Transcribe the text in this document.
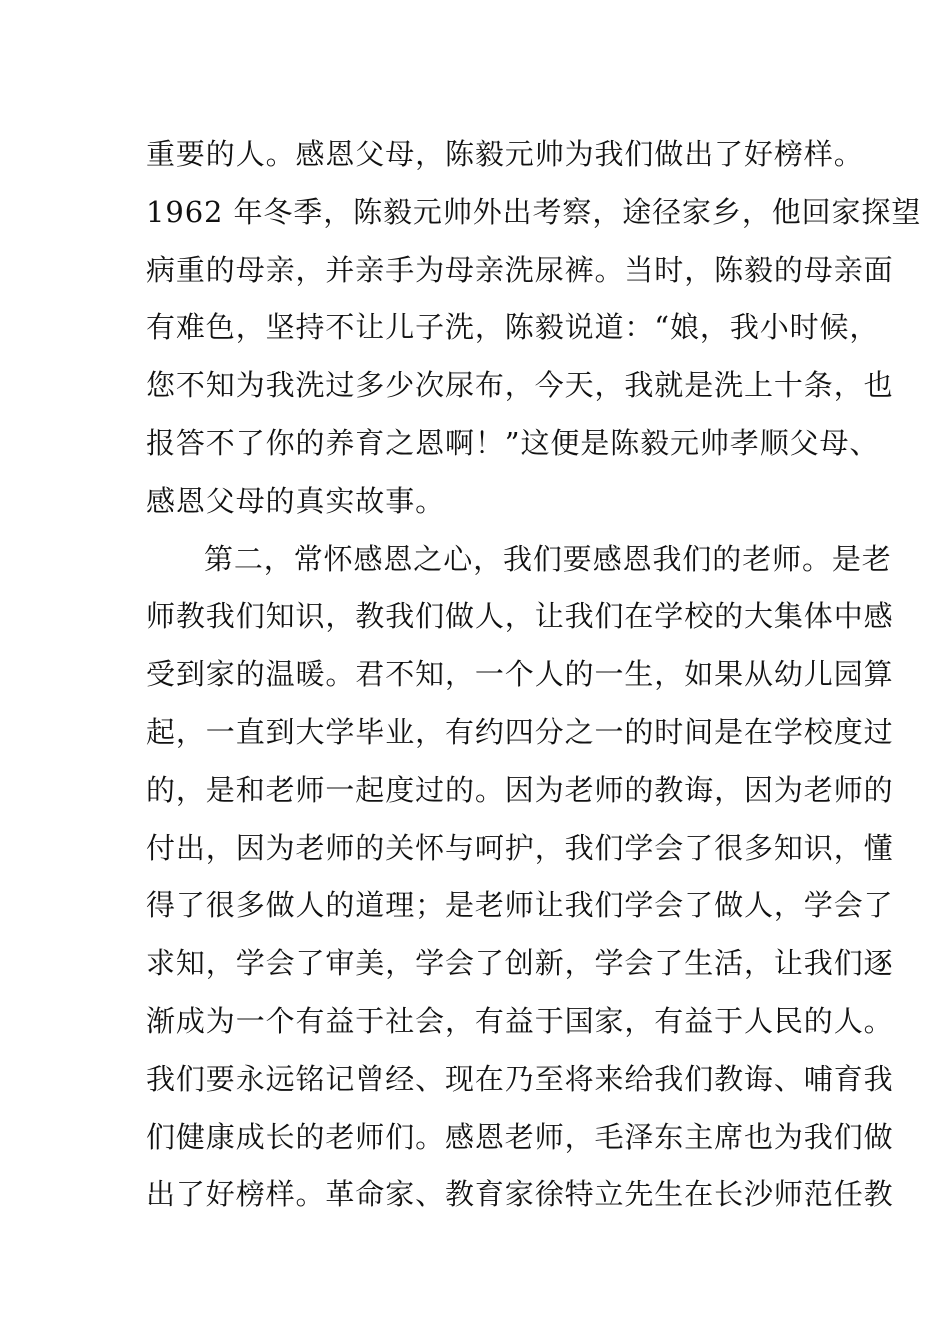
重要的人。感恩父母，陈毅元帅为我们做出了好榜样。
1962 年冬季，陈毅元帅外出考察，途径家乡，他回家探望
病重的母亲，并亲手为母亲洗尿裤。当时，陈毅的母亲面
有难色，坚持不让儿子洗，陈毅说道：“娘，我小时候，
您不知为我洗过多少次尿布，今天，我就是洗上十条，也
报答不了你的养育之恩啊！”这便是陈毅元帅孝顺父母、
感恩父母的真实故事。
第二，常怀感恩之心，我们要感恩我们的老师。是老
师教我们知识，教我们做人，让我们在学校的大集体中感
受到家的温暖。君不知，一个人的一生，如果从幼儿园算
起，一直到大学毕业，有约四分之一的时间是在学校度过
的，是和老师一起度过的。因为老师的教诲，因为老师的
付出，因为老师的关怀与呵护，我们学会了很多知识，懂
得了很多做人的道理；是老师让我们学会了做人，学会了
求知，学会了审美，学会了创新，学会了生活，让我们逐
渐成为一个有益于社会，有益于国家，有益于人民的人。
我们要永远铭记曾经、现在乃至将来给我们教诲、哺育我
们健康成长的老师们。感恩老师，毛泽东主席也为我们做
出了好榜样。革命家、教育家徐特立先生在长沙师范任教
